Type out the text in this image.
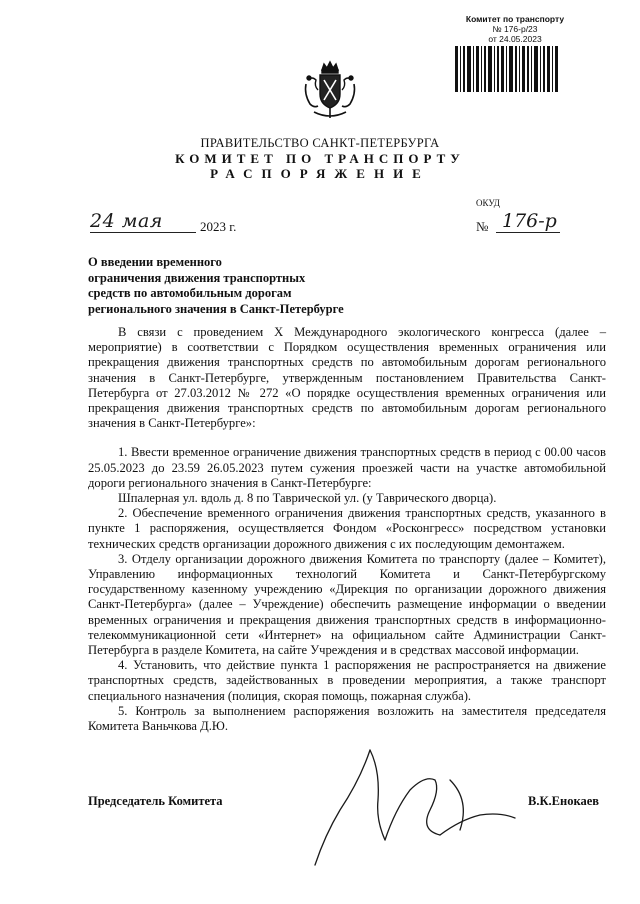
Комитет по транспорту
№ 176-р/23
от 24.05.2023
ПРАВИТЕЛЬСТВО САНКТ-ПЕТЕРБУРГА
КОМИТЕТ ПО ТРАНСПОРТУ
РАСПОРЯЖЕНИЕ
ОКУД
24 мая	2023 г.	№ 176-р
О введении временного
ограничения движения транспортных
средств по автомобильным дорогам
регионального значения в Санкт-Петербурге

В связи с проведением X Международного экологического конгресса (далее – мероприятие) в соответствии с Порядком осуществления временных ограничения или прекращения движения транспортных средств по автомобильным дорогам регионального значения в Санкт-Петербурге, утвержденным постановлением Правительства Санкт-Петербурга от 27.03.2012 № 272 «О порядке осуществления временных ограничения или прекращения движения транспортных средств по автомобильным дорогам регионального значения в Санкт-Петербурге»:

1. Ввести временное ограничение движения транспортных средств в период с 00.00 часов 25.05.2023 до 23.59 26.05.2023 путем сужения проезжей части на участке автомобильной дороги регионального значения в Санкт-Петербурге:

Шпалерная ул. вдоль д. 8 по Таврической ул. (у Таврического дворца).

2. Обеспечение временного ограничения движения транспортных средств, указанного в пункте 1 распоряжения, осуществляется Фондом «Росконгресс» посредством установки технических средств организации дорожного движения с их последующим демонтажем.

3. Отделу организации дорожного движения Комитета по транспорту (далее – Комитет), Управлению информационных технологий Комитета и Санкт-Петербургскому государственному казенному учреждению «Дирекция по организации дорожного движения Санкт-Петербурга» (далее – Учреждение) обеспечить размещение информации о введении временных ограничения и прекращения движения транспортных средств в информационно-телекоммуникационной сети «Интернет» на официальном сайте Администрации Санкт-Петербурга в разделе Комитета, на сайте Учреждения и в средствах массовой информации.

4. Установить, что действие пункта 1 распоряжения не распространяется на движение транспортных средств, задействованных в проведении мероприятия, а также транспорт специального назначения (полиция, скорая помощь, пожарная служба).

5. Контроль за выполнением распоряжения возложить на заместителя председателя Комитета Ваньчкова Д.Ю.

Председатель Комитета	В.К.Енокаев
